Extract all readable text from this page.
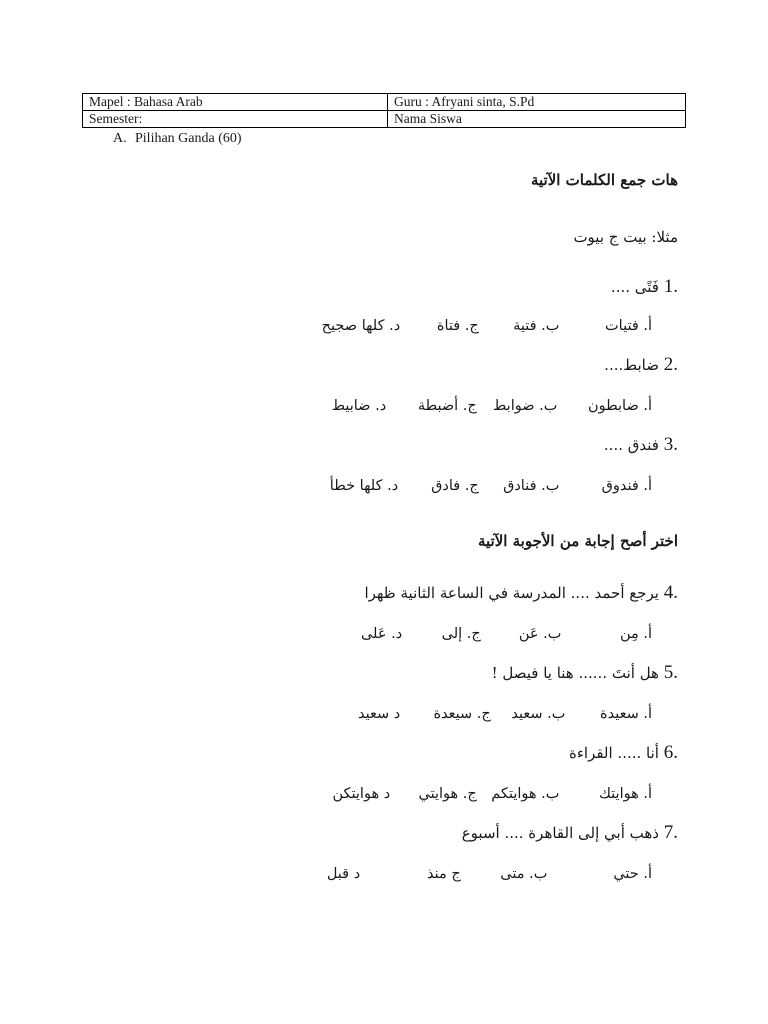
Mapel : Bahasa Arab	Guru : Afryani sinta, S.Pd
Semester:	Nama Siswa
A. Pilihan Ganda (60)
هات جمع الكلمات الآتية
مثلا: بيت ج بيوت
فَتًى .... 1.
أ. فتيات ب. فتية ج. فتاة د. كلها صجيح
ضابط.... 2.
أ. ضابطون ب. ضوابط ج. أضبطة د. ضابيط
فندق .... 3.
أ. فندوق ب. فنادق ج. فادق د. كلها خطأ
اختر أصح إجابة من الأجوبة الآتية
يرجع أحمد .... المدرسة في الساعة الثانية ظهرا 4.
أ. مِن ب. عَن ج. إلى د. عَلى
هل أنتَ ...... هنا يا فيصل ! 5.
أ. سعيدة ب. سعيد ج. سيعدة د سعيد
أنا ..... القراءة 6.
أ. هوايتك ب. هوايتكم ج. هوايتي د هوايتكن
ذهب أبي إلى القاهرة .... أسبوع 7.
أ. حتي ب. متى ج منذ د قبل
